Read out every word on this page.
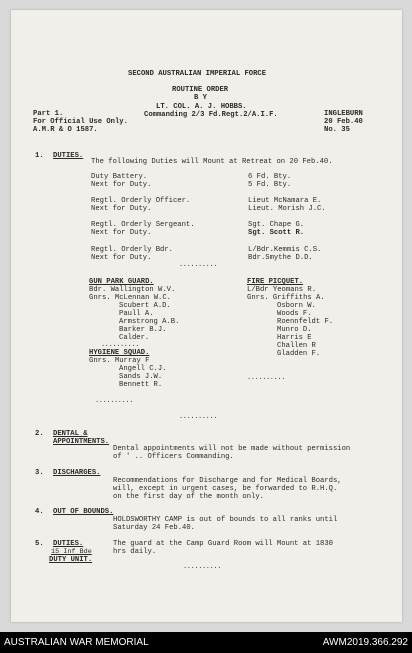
SECOND AUSTRALIAN IMPERIAL FORCE
ROUTINE ORDER
B Y
LT. COL. A. J. HOBBS.
Commanding 2/3 Fd.Regt.2/A.I.F.
Part 1.
For Official Use Only.
A.M.R & O 1587.
INGLEBURN
20 Feb.40
No. 35
1. DUTIES.
The following Duties will Mount at Retreat on 20 Feb.40.
Duty Battery.	6 Fd. Bty.
Next for Duty.	5 Fd. Bty.
Regtl. Orderly Officer.	Lieut McNamara E.
Next for Duty.	Lieut. Morish J.C.
Regtl. Orderly Sergeant.	Sgt. Chape G.
Next for Duty.	Sgt. Scott R.
Regtl. Orderly Bdr.	L/Bdr.Kemmis C.S.
Next for Duty.	Bdr.Smythe D.D.
..........
GUN PARK GUARD.
Bdr. Wallington W.V.
Gnrs. McLennan W.C.
Scubert A.D.
Paull A.
Armstrong A.B.
Barker B.J.
Calder.
..........
HYGIENE SQUAD.
Gnrs. Murray F
Angell C.J.
Sands J.W.
Bennett R.
..........
FIRE PICQUET.
L/Bdr Yeomans R.
Gnrs. Griffiths A.
Osborn W.
Woods F.
Roennfeldt F.
Munro D.
Harris E
Challen R
Gladden F.
..........
..........
2. DENTAL &
APPOINTMENTS.
Dental appointments will not be made without permission
of ' .. Officers Commanding.
3. DISCHARGES.
Recommendations for Discharge and for Medical Boards,
will, except in urgent cases, be forwarded to R.H.Q.
on the first day of the month only.
4. OUT OF BOUNDS.
HOLDSWORTHY CAMP is out of bounds to all ranks until
Saturday 24 Feb.40.
5. DUTIES.
15 Inf Bde
DUTY UNIT.
The guard at the Camp Guard Room will Mount at 1830
hrs daily.
..........
AUSTRALIAN WAR MEMORIAL	AWM2019.366.292
